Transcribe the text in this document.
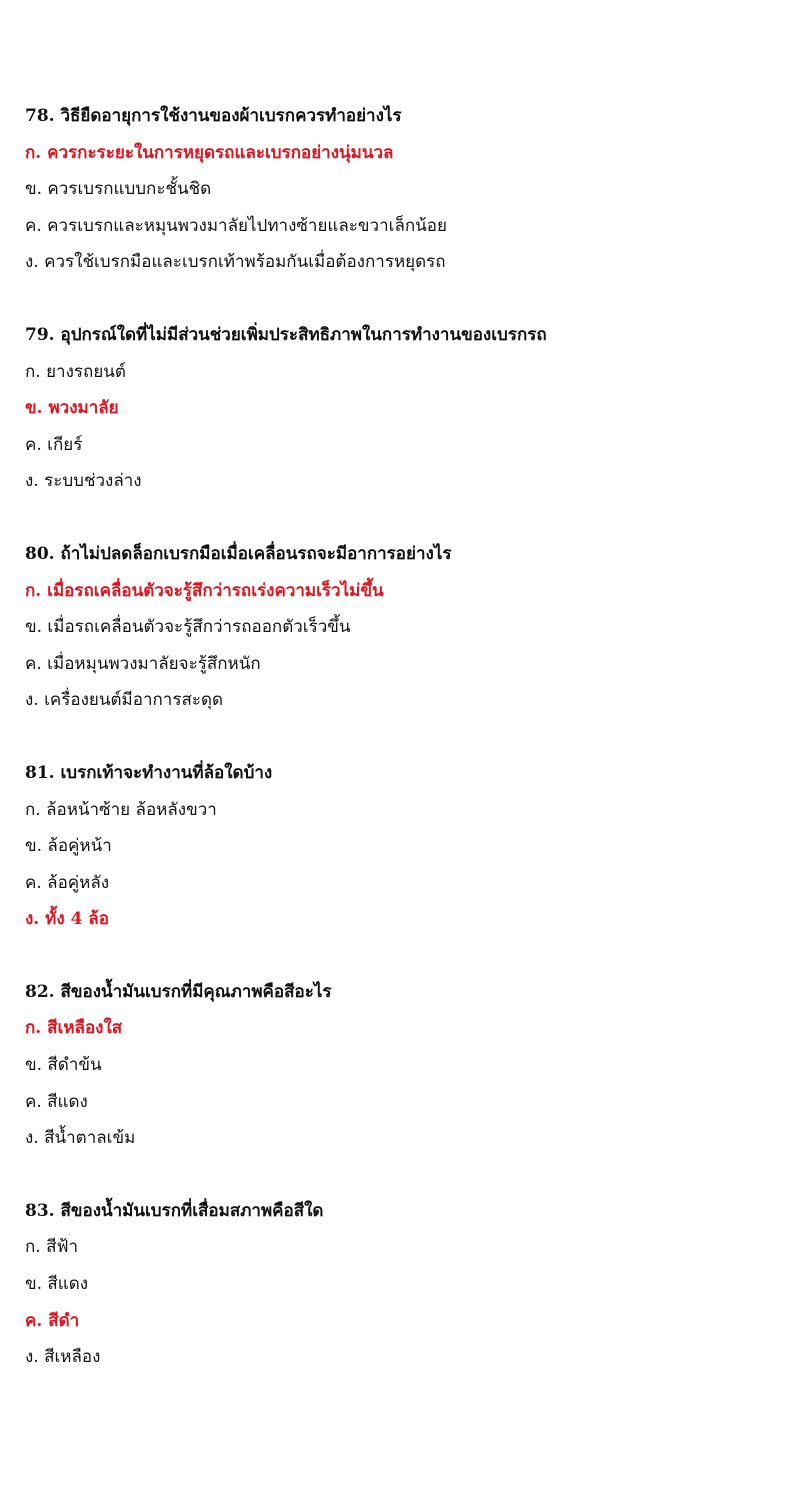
78. วิธียืดอายุการใช้งานของผ้าเบรกควรทำอย่างไร
ก. ควรกะระยะในการหยุดรถและเบรกอย่างนุ่มนวล
ข. ควรเบรกแบบกะชั้นชิด
ค. ควรเบรกและหมุนพวงมาลัยไปทางซ้ายและขวาเล็กน้อย
ง. ควรใช้เบรกมือและเบรกเท้าพร้อมกันเมื่อต้องการหยุดรถ
79. อุปกรณ์ใดที่ไม่มีส่วนช่วยเพิ่มประสิทธิภาพในการทำงานของเบรกรถ
ก. ยางรถยนต์
ข. พวงมาลัย
ค. เกียร์
ง. ระบบช่วงล่าง
80. ถ้าไม่ปลดล็อกเบรกมือเมื่อเคลื่อนรถจะมีอาการอย่างไร
ก. เมื่อรถเคลื่อนตัวจะรู้สึกว่ารถเร่งความเร็วไม่ขึ้น
ข. เมื่อรถเคลื่อนตัวจะรู้สึกว่ารถออกตัวเร็วขึ้น
ค. เมื่อหมุนพวงมาลัยจะรู้สึกหนัก
ง. เครื่องยนต์มีอาการสะดุด
81. เบรกเท้าจะทำงานที่ล้อใดบ้าง
ก. ล้อหน้าซ้าย ล้อหลังขวา
ข. ล้อคู่หน้า
ค. ล้อคู่หลัง
ง. ทั้ง 4 ล้อ
82. สีของน้ำมันเบรกที่มีคุณภาพคือสีอะไร
ก. สีเหลืองใส
ข. สีดำข้น
ค. สีแดง
ง. สีน้ำตาลเข้ม
83. สีของน้ำมันเบรกที่เสื่อมสภาพคือสีใด
ก. สีฟ้า
ข. สีแดง
ค. สีดำ
ง. สีเหลือง
